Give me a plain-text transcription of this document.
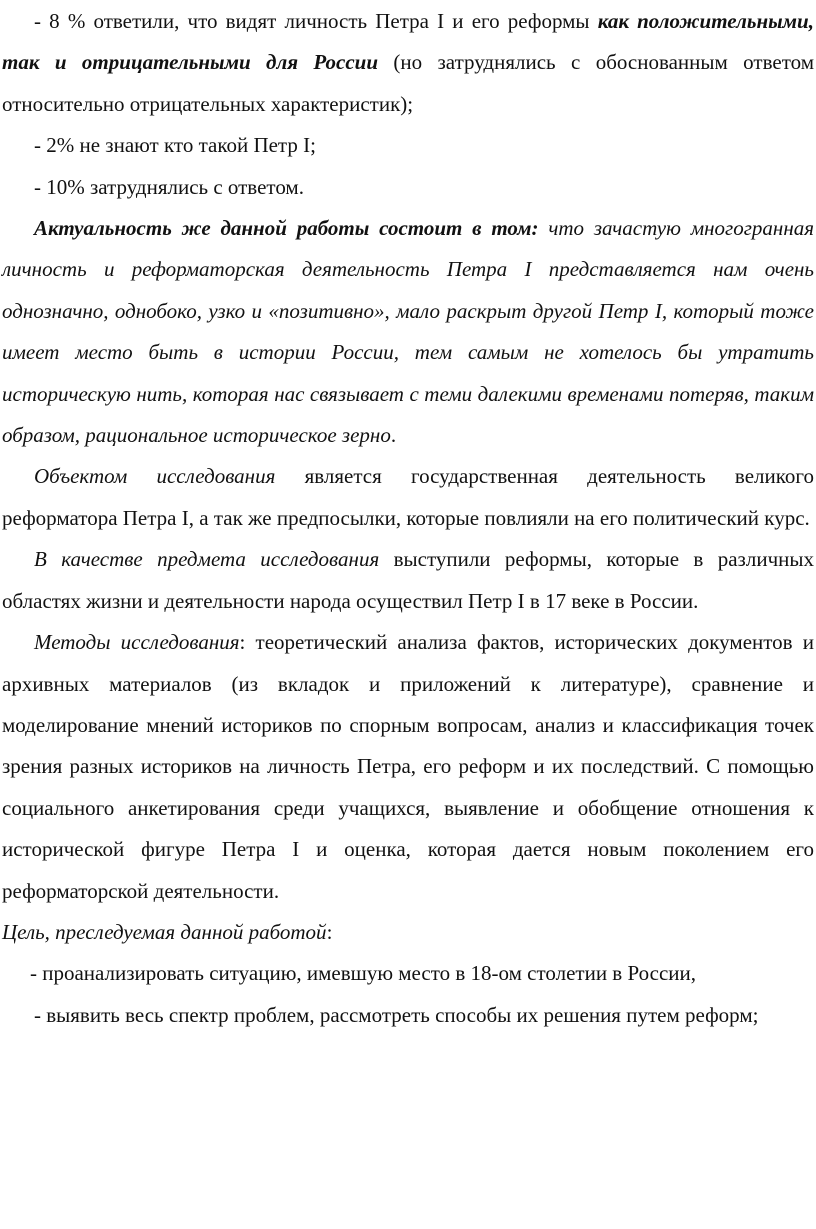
- 8 % ответили, что видят личность Петра I и его реформы как положительными, так и отрицательными для России (но затруднялись с обоснованным ответом относительно отрицательных характеристик);

- 2% не знают кто такой Петр I;

- 10% затруднялись с ответом.

Актуальность же данной работы состоит в том: что зачастую многогранная личность и реформаторская деятельность Петра I представляется нам очень однозначно, однобоко, узко и «позитивно», мало раскрыт другой Петр I, который тоже имеет место быть в истории России, тем самым не хотелось бы утратить историческую нить, которая нас связывает с теми далекими временами потеряв, таким образом, рациональное историческое зерно.

Объектом исследования является государственная деятельность великого реформатора Петра I, а так же предпосылки, которые повлияли на его политический курс.

В качестве предмета исследования выступили реформы, которые в различных областях жизни и деятельности народа осуществил Петр I в 17 веке в России.

Методы исследования: теоретический анализа фактов, исторических документов и архивных материалов (из вкладок и приложений к литературе), сравнение и моделирование мнений историков по спорным вопросам, анализ и классификация точек зрения разных историков на личность Петра, его реформ и их последствий. С помощью социального анкетирования среди учащихся, выявление и обобщение отношения к исторической фигуре Петра I и оценка, которая дается новым поколением его реформаторской деятельности.

Цель, преследуемая данной работой:

- проанализировать ситуацию, имевшую место в 18-ом столетии в России,

- выявить весь спектр проблем, рассмотреть способы их решения путем реформ;
